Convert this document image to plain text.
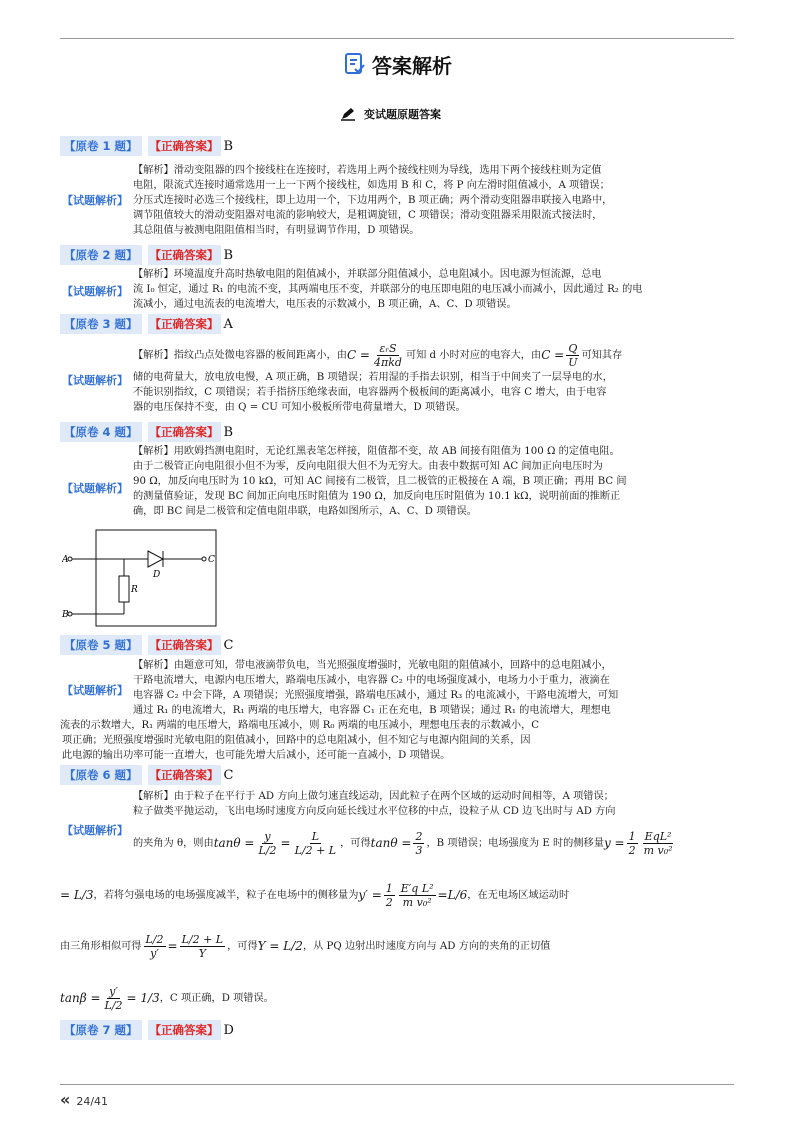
答案解析
变试题原题答案
【原卷 1 题】	【正确答案】 B
【试题解析】
【解析】滑动变阻器的四个接线柱在连接时，若选用上两个接线柱则为导线，选用下两个接线柱则为定值
电阻，限流式连接时通常选用一上一下两个接线柱，如选用 B 和 C，将 P 向左滑时阻值减小，A 项错误；
分压式连接时必选三个接线柱，即上边用一个，下边用两个，B 项正确；两个滑动变阻器串联接入电路中，
调节阻值较大的滑动变阻器对电流的影响较大，是粗调旋钮，C 项错误；滑动变阻器采用限流式接法时，
其总阻值与被测电阻阻值相当时，有明显调节作用，D 项错误。
【原卷 2 题】	【正确答案】 B
【试题解析】
【解析】环境温度升高时热敏电阻的阻值减小，并联部分阻值减小，总电阻减小。因电源为恒流源，总电
流 I₀ 恒定，通过 R₁ 的电流不变，其两端电压不变，并联部分的电压即电阻的电压减小而减小，因此通过 R₂ 的电
流减小，通过电流表的电流增大，电压表的示数减小，B 项正确，A、C、D 项错误。
【原卷 3 题】	【正确答案】 A
【试题解析】
【解析】指纹凸点处微电容器的板间距离小，由 $C = \frac{\text{εᵣS}}{\text{4πkd}}$ 可知 d 小时对应的电容大，由 $C = \frac{Q}{U}$ 可知其存
储的电荷量大，放电放电慢，A 项正确，B 项错误；若用湿的手指去识别，相当于中间夹了一层导电的水，
不能识别指纹，C 项错误；若手指挤压绝缘表面，电容器两个极板间的距离减小，电容 C 增大，由于电容
器的电压保持不变，由 Q = CU 可知小极板所带电荷量增大，D 项错误。
【原卷 4 题】	【正确答案】 B
【试题解析】
【解析】用欧姆挡测电阻时，无论红黑表笔怎样接，阻值都不变，故 AB 间接有阻值为 100 Ω 的定值电阻。
由于二极管正向电阻很小但不为零，反向电阻很大但不为无穷大。由表中数据可知 AC 间加正向电压时为
90 Ω，加反向电压时为 10 kΩ，可知 AC 间接有二极管，且二极管的正极接在 A 端，B 项正确；再用 BC 间
的测量值验证，发现 BC 间加正向电压时阻值为 190 Ω，加反向电压时阻值为 10.1 kΩ，说明前面的推断正
确，即 BC 间是二极管和定值电阻串联，电路如图所示，A、C、D 项错误。
A
B
C
D
R
【原卷 5 题】	【正确答案】 C
【试题解析】
【解析】由题意可知，带电液滴带负电，当光照强度增强时，光敏电阻的阻值减小，回路中的总电阻减小，
干路电流增大，电源内电压增大，路端电压减小，电容器 C₂ 中的电场强度减小，电场力小于重力，液滴在
电容器 C₂ 中会下降，A 项错误；光照强度增强，路端电压减小，通过 R₃ 的电流减小，干路电流增大，可知
通过 R₁ 的电流增大，R₁ 两端的电压增大，电容器 C₁ 正在充电，B 项错误；通过 R₁ 的电流增大，理想电
流表的示数增大，R₁ 两端的电压增大，路端电压减小，则 R₀ 两端的电压减小，理想电压表的示数减小，C
项正确；光照强度增强时光敏电阻的阻值减小，回路中的总电阻减小，但不知它与电源内阻间的关系，因
此电源的输出功率可能一直增大，也可能先增大后减小，还可能一直减小，D 项错误。
【原卷 6 题】	【正确答案】 C
【试题解析】
【解析】由于粒子在平行于 AD 方向上做匀速直线运动，因此粒子在两个区域的运动时间相等，A 项错误；
粒子做类平抛运动，飞出电场时速度方向反向延长线过水平位移的中点，设粒子从 CD 边飞出时与 AD 方向
的夹角为 θ，则由 $\tan\theta = \frac{y}{L/2} = \frac{L}{L/2 + L}$ ，可得 $\tan\theta = \frac{2}{3}$ ，B 项错误；电场强度为 E 时的侧移量 $y = \frac{1}{2} \frac{\text{EqL²}}{\text{m v₀²}}$
= L/3 ，若将匀强电场的电场强度减半，粒子在电场中的侧移量为 $y' = \frac{1}{2} \frac{\text{E′q L²}}{\text{m v₀²}} = L/6$ ，在无电场区域运动时
由三角形相似可得 $\frac{L/2}{y'} = \frac{L/2 + L}{Y}$ ，可得 Y = L/2 ，从 PQ 边射出时速度方向与 AD 方向的夹角的正切值
$\tan\beta = \frac{y'}{L/2} = 1/3$ ，C 项正确，D 项错误。
【原卷 7 题】	【正确答案】 D
« 24/41
